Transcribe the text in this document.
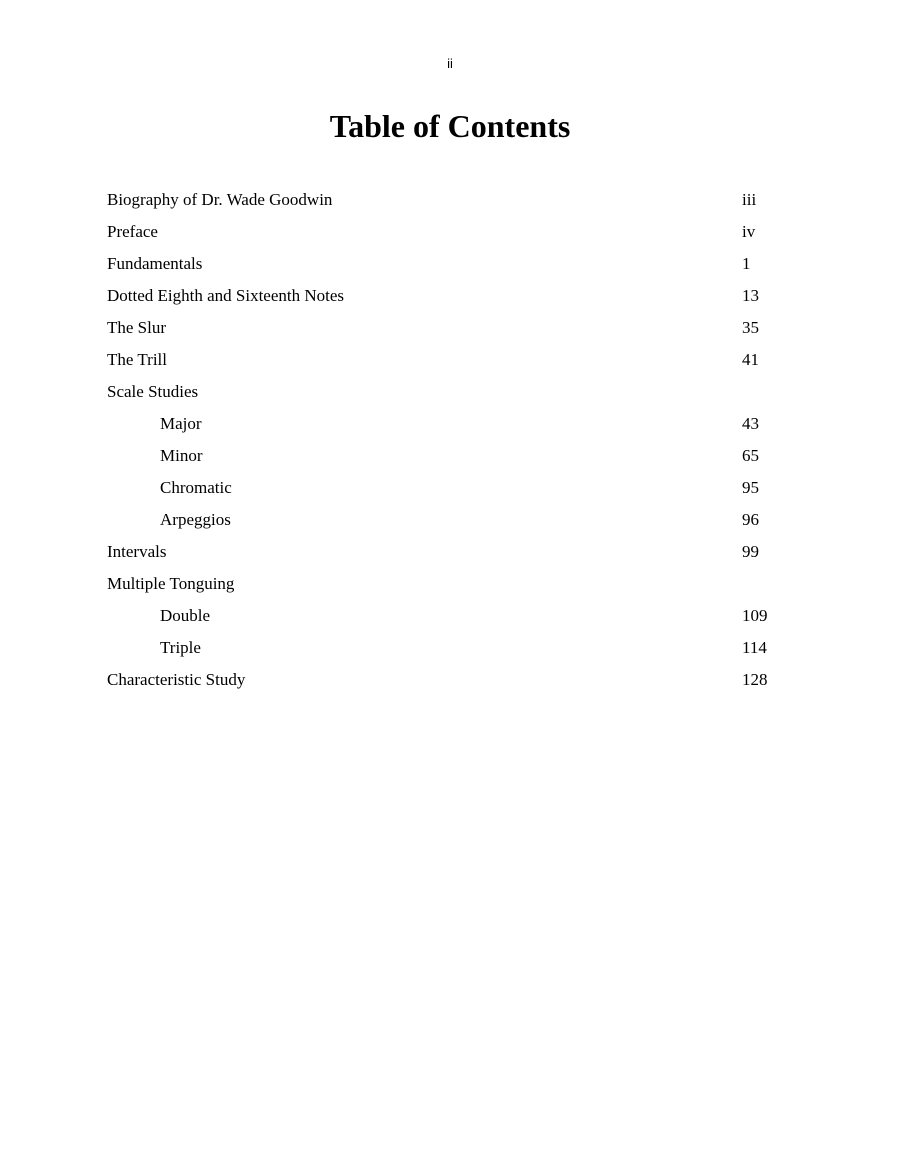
ii
Table of Contents
Biography of Dr. Wade Goodwin	iii
Preface	iv
Fundamentals	1
Dotted Eighth and Sixteenth Notes	13
The Slur	35
The Trill	41
Scale Studies
Major	43
Minor	65
Chromatic	95
Arpeggios	96
Intervals	99
Multiple Tonguing
Double	109
Triple	114
Characteristic Study	128
